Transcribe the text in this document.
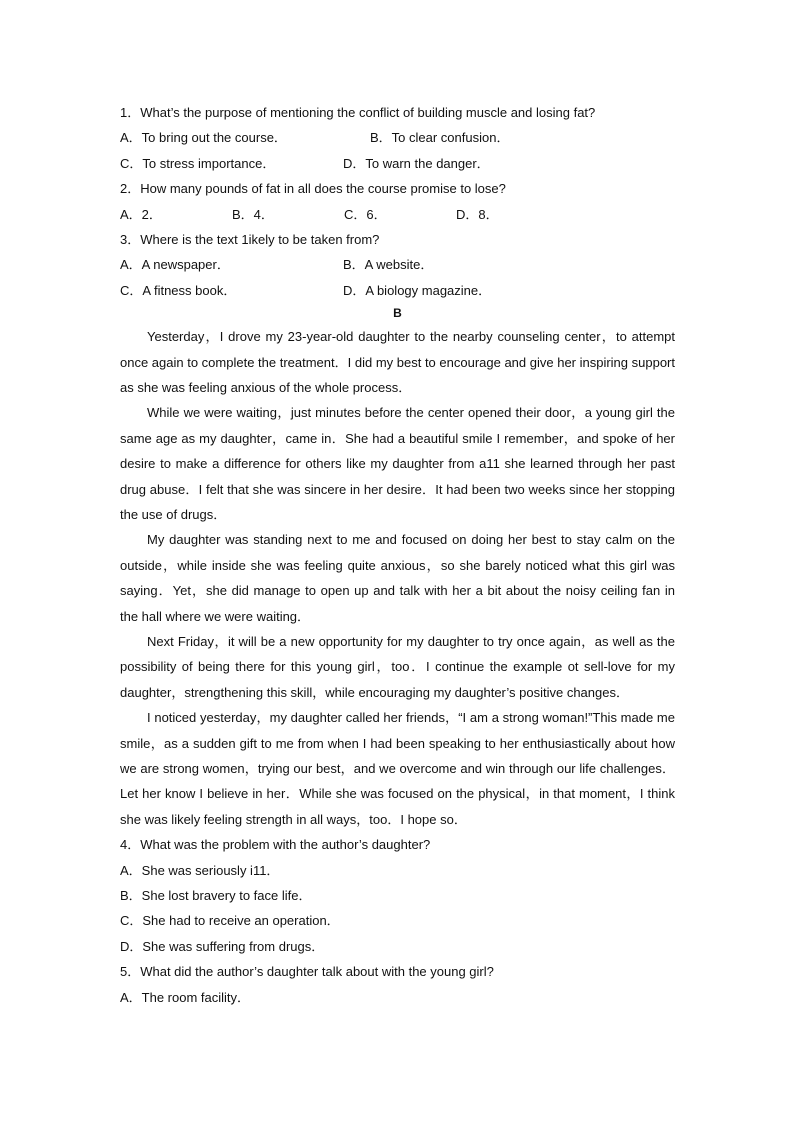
1．What’s the purpose of mentioning the conflict of building muscle and losing fat?
A．To bring out the course．	B．To clear confusion．
C．To stress importance．	D．To warn the danger．
2．How many pounds of fat in all does the course promise to lose?
A．2．	B．4．	C．6．	D．8．
3．Where is the text 1ikely to be taken from?
A．A newspaper．	B．A website．
C．A fitness book．	D．A biology magazine．
B

Yesterday，I drove my 23-year-old daughter to the nearby counseling center，to attempt once again to complete the treatment．I did my best to encourage and give her inspiring support as she was feeling anxious of the whole process．

While we were waiting，just minutes before the center opened their door，a young girl the same age as my daughter，came in．She had a beautiful smile I remember，and spoke of her desire to make a difference for others like my daughter from a11 she learned through her past drug abuse．I felt that she was sincere in her desire．It had been two weeks since her stopping the use of drugs．

My daughter was standing next to me and focused on doing her best to stay calm on the outside，while inside she was feeling quite anxious，so she barely noticed what this girl was saying．Yet，she did manage to open up and talk with her a bit about the noisy ceiling fan in the hall where we were waiting．

Next Friday，it will be a new opportunity for my daughter to try once again，as well as the possibility of being there for this young girl，too．I continue the example ot sell-love for my daughter，strengthening this skill，while encouraging my daughter’s positive changes．

I noticed yesterday，my daughter called her friends，“I am a strong woman!”This made me smile，as a sudden gift to me from when I had been speaking to her enthusiastically about how we are strong women，trying our best，and we overcome and win through our life challenges．Let her know I believe in her．While she was focused on the physical，in that moment，I think she was likely feeling strength in all ways，too．I hope so．

4．What was the problem with the author’s daughter?
A．She was seriously i11．
B．She lost bravery to face life．
C．She had to receive an operation．
D．She was suffering from drugs．
5．What did the author’s daughter talk about with the young girl?
A．The room facility．
